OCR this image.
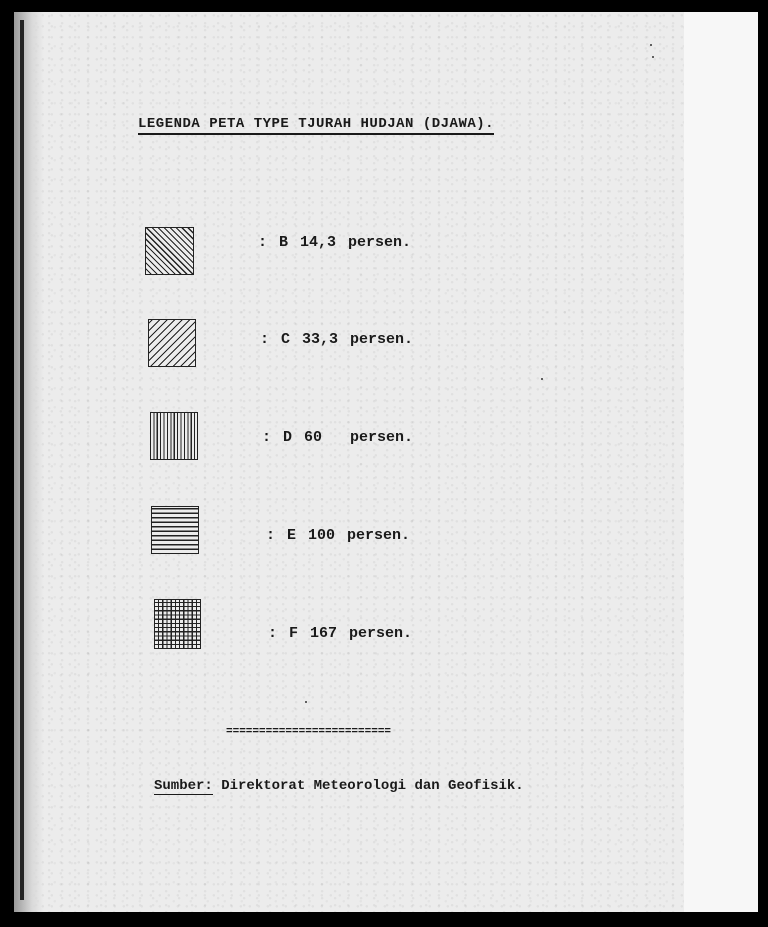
LEGENDA PETA TYPE TJURAH HUDJAN (DJAWA).
: B 14,3 persen.
: C 33,3 persen.
: D 60 persen.
: E 100 persen.
: F 167 persen.
=========================
Sumber: Direktorat Meteorologi dan Geofisik.
